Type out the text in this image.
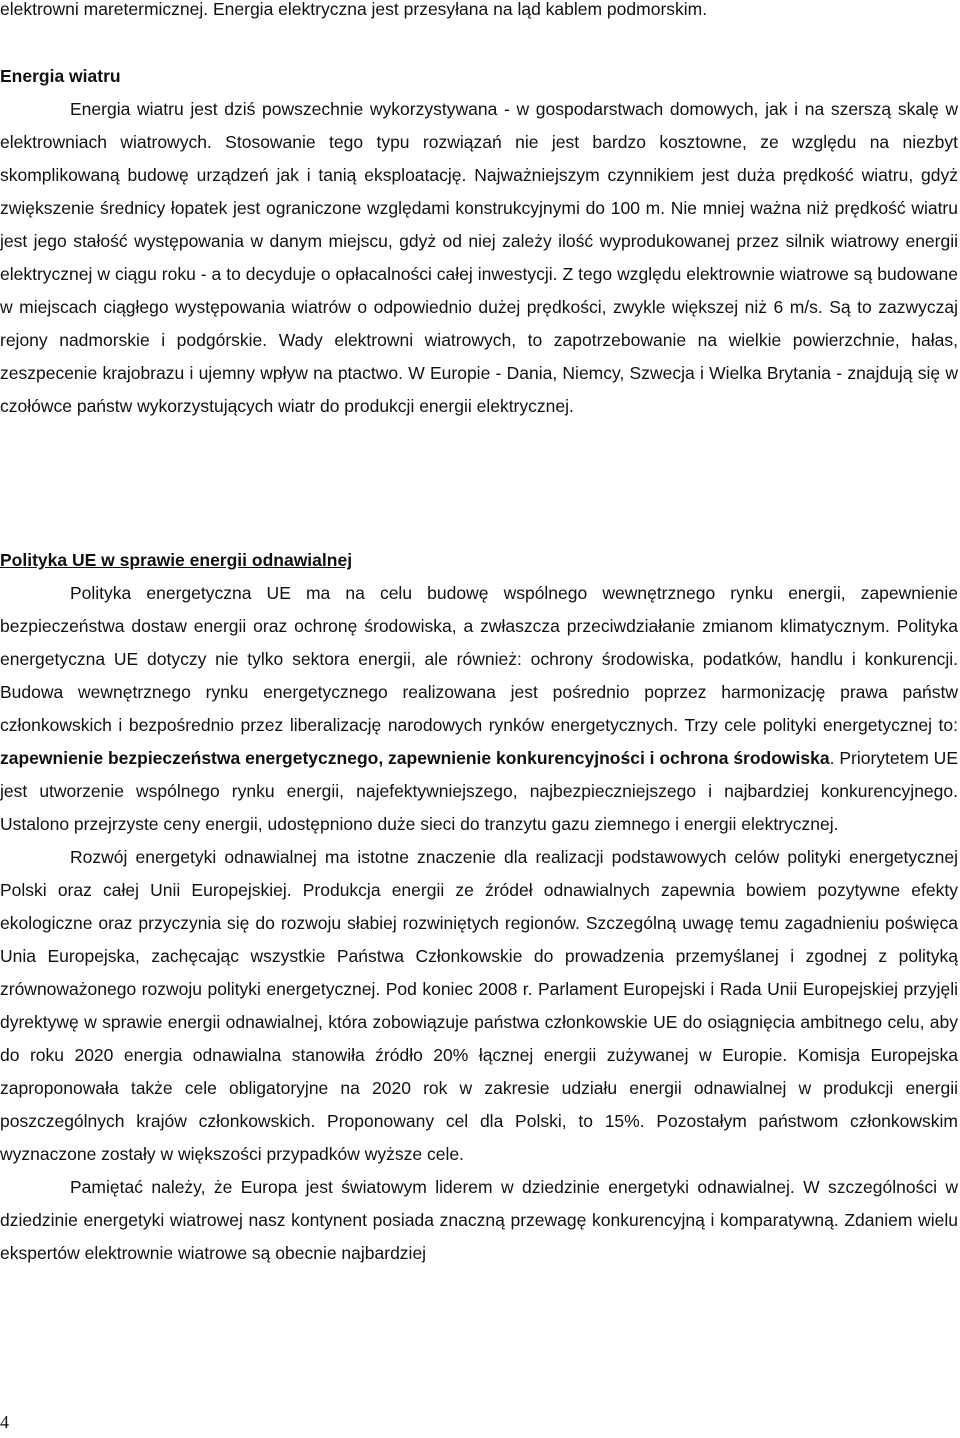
elektrowni maretermicznej. Energia elektryczna jest przesyłana na ląd kablem podmorskim.

Energia wiatru

Energia wiatru jest dziś powszechnie wykorzystywana - w gospodarstwach domowych, jak i na szerszą skalę w elektrowniach wiatrowych. Stosowanie tego typu rozwiązań nie jest bardzo kosztowne, ze względu na niezbyt skomplikowaną budowę urządzeń jak i tanią eksploatację. Najważniejszym czynnikiem jest duża prędkość wiatru, gdyż zwiększenie średnicy łopatek jest ograniczone względami konstrukcyjnymi do 100 m. Nie mniej ważna niż prędkość wiatru jest jego stałość występowania w danym miejscu, gdyż od niej zależy ilość wyprodukowanej przez silnik wiatrowy energii elektrycznej w ciągu roku - a to decyduje o opłacalności całej inwestycji. Z tego względu elektrownie wiatrowe są budowane w miejscach ciągłego występowania wiatrów o odpowiednio dużej prędkości, zwykle większej niż 6 m/s. Są to zazwyczaj rejony nadmorskie i podgórskie. Wady elektrowni wiatrowych, to zapotrzebowanie na wielkie powierzchnie, hałas, zeszpecenie krajobrazu i ujemny wpływ na ptactwo. W Europie - Dania, Niemcy, Szwecja i Wielka Brytania - znajdują się w czołówce państw wykorzystujących wiatr do produkcji energii elektrycznej.

Polityka UE w sprawie energii odnawialnej

Polityka energetyczna UE ma na celu budowę wspólnego wewnętrznego rynku energii, zapewnienie bezpieczeństwa dostaw energii oraz ochronę środowiska, a zwłaszcza przeciwdziałanie zmianom klimatycznym. Polityka energetyczna UE dotyczy nie tylko sektora energii, ale również: ochrony środowiska, podatków, handlu i konkurencji. Budowa wewnętrznego rynku energetycznego realizowana jest pośrednio poprzez harmonizację prawa państw członkowskich i bezpośrednio przez liberalizację narodowych rynków energetycznych. Trzy cele polityki energetycznej to: zapewnienie bezpieczeństwa energetycznego, zapewnienie konkurencyjności i ochrona środowiska. Priorytetem UE jest utworzenie wspólnego rynku energii, najefektywniejszego, najbezpieczniejszego i najbardziej konkurencyjnego. Ustalono przejrzyste ceny energii, udostępniono duże sieci do tranzytu gazu ziemnego i energii elektrycznej.

Rozwój energetyki odnawialnej ma istotne znaczenie dla realizacji podstawowych celów polityki energetycznej Polski oraz całej Unii Europejskiej. Produkcja energii ze źródeł odnawialnych zapewnia bowiem pozytywne efekty ekologiczne oraz przyczynia się do rozwoju słabiej rozwiniętych regionów. Szczególną uwagę temu zagadnieniu poświęca Unia Europejska, zachęcając wszystkie Państwa Członkowskie do prowadzenia przemyślanej i zgodnej z polityką zrównoważonego rozwoju polityki energetycznej. Pod koniec 2008 r. Parlament Europejski i Rada Unii Europejskiej przyjęli dyrektywę w sprawie energii odnawialnej, która zobowiązuje państwa członkowskie UE do osiągnięcia ambitnego celu, aby do roku 2020 energia odnawialna stanowiła źródło 20% łącznej energii zużywanej w Europie. Komisja Europejska zaproponowała także cele obligatoryjne na 2020 rok w zakresie udziału energii odnawialnej w produkcji energii poszczególnych krajów członkowskich. Proponowany cel dla Polski, to 15%. Pozostałym państwom członkowskim wyznaczone zostały w większości przypadków wyższe cele.

Pamiętać należy, że Europa jest światowym liderem w dziedzinie energetyki odnawialnej. W szczególności w dziedzinie energetyki wiatrowej nasz kontynent posiada znaczną przewagę konkurencyjną i komparatywną. Zdaniem wielu ekspertów elektrownie wiatrowe są obecnie najbardziej

4
